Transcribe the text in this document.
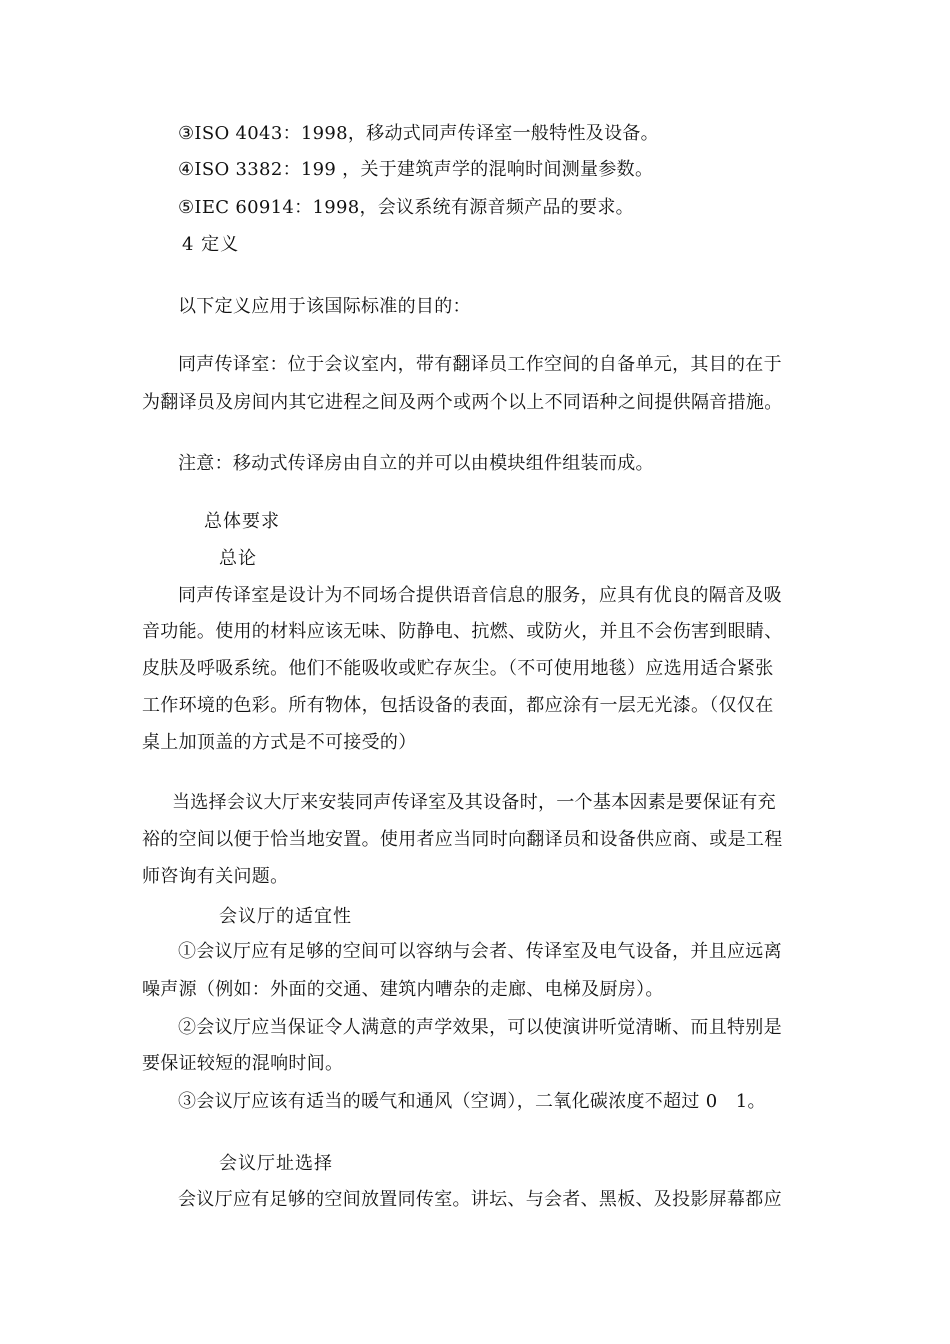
③ISO 4043：1998，移动式同声传译室一般特性及设备。
④ISO 3382：199 ，关于建筑声学的混响时间测量参数。
⑤IEC 60914：1998，会议系统有源音频产品的要求。
4 定义
以下定义应用于该国际标准的目的：
同声传译室：位于会议室内，带有翻译员工作空间的自备单元，其目的在于
为翻译员及房间内其它进程之间及两个或两个以上不同语种之间提供隔音措施。
注意：移动式传译房由自立的并可以由模块组件组装而成。
总体要求
总论
同声传译室是设计为不同场合提供语音信息的服务，应具有优良的隔音及吸
音功能。使用的材料应该无味、防静电、抗燃、或防火，并且不会伤害到眼睛、
皮肤及呼吸系统。他们不能吸收或贮存灰尘。（不可使用地毯）应选用适合紧张
工作环境的色彩。所有物体，包括设备的表面，都应涂有一层无光漆。（仅仅在
桌上加顶盖的方式是不可接受的）
当选择会议大厅来安装同声传译室及其设备时，一个基本因素是要保证有充
裕的空间以便于恰当地安置。使用者应当同时向翻译员和设备供应商、或是工程
师咨询有关问题。
会议厅的适宜性
①会议厅应有足够的空间可以容纳与会者、传译室及电气设备，并且应远离
噪声源（例如：外面的交通、建筑内嘈杂的走廊、电梯及厨房）。
②会议厅应当保证令人满意的声学效果，可以使演讲听觉清晰、而且特别是
要保证较短的混响时间。
③会议厅应该有适当的暖气和通风（空调），二氧化碳浓度不超过 0　1。
会议厅址选择
会议厅应有足够的空间放置同传室。讲坛、与会者、黑板、及投影屏幕都应
